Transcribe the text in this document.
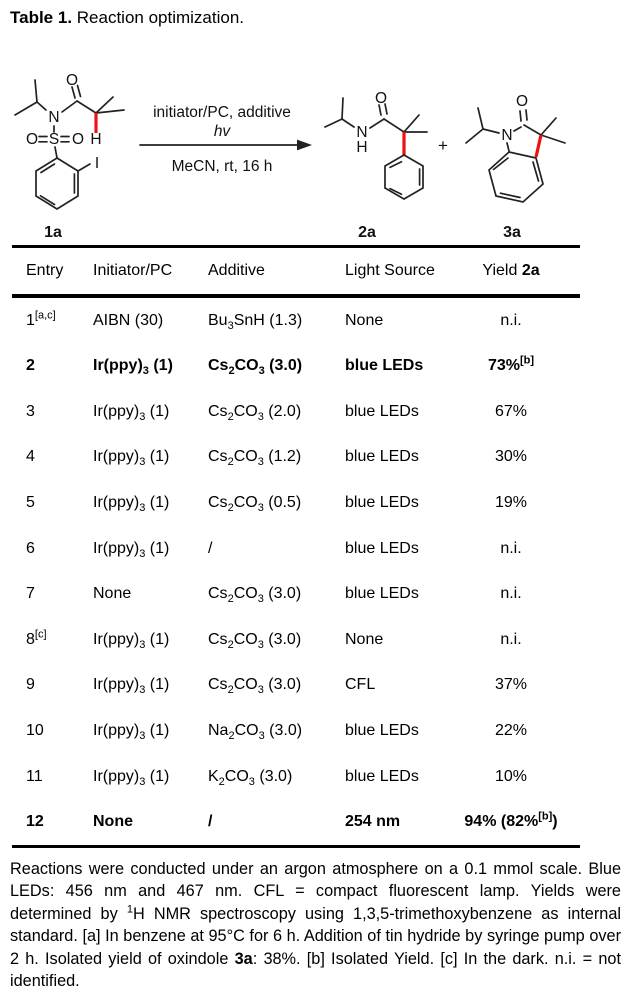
Table 1. Reaction optimization.
N
O
O S O H
I
1a
initiator/PC, additive
hv
MeCN, rt, 16 h
N
H
O
2a
+
N
O
3a
Entry	Initiator/PC	Additive	Light Source	Yield 2a
1[a,c]	AIBN (30)	$Bu_3SnH$ (1.3)	None	n.i.
2	$Ir(ppy)_3$ (1)	$Cs_2CO_3$ (3.0)	blue LEDs	73%[b]
3	$Ir(ppy)_3$ (1)	$Cs_2CO_3$ (2.0)	blue LEDs	67%
4	$Ir(ppy)_3$ (1)	$Cs_2CO_3$ (1.2)	blue LEDs	30%
5	$Ir(ppy)_3$ (1)	$Cs_2CO_3$ (0.5)	blue LEDs	19%
6	$Ir(ppy)_3$ (1)	/	blue LEDs	n.i.
7	None	$Cs_2CO_3$ (3.0)	blue LEDs	n.i.
8[c]	$Ir(ppy)_3$ (1)	$Cs_2CO_3$ (3.0)	None	n.i.
9	$Ir(ppy)_3$ (1)	$Cs_2CO_3$ (3.0)	CFL	37%
10	$Ir(ppy)_3$ (1)	$Na_2CO_3$ (3.0)	blue LEDs	22%
11	$Ir(ppy)_3$ (1)	$K_2CO_3$ (3.0)	blue LEDs	10%
12	None	/	254 nm	94% (82%[b])
Reactions were conducted under an argon atmosphere on a 0.1 mmol scale. Blue LEDs: 456 nm and 467 nm. CFL = compact fluorescent lamp. Yields were determined by $^1$H NMR spectroscopy using 1,3,5-trimethoxybenzene as internal standard. [a] In benzene at 95°C for 6 h. Addition of tin hydride by syringe pump over 2 h. Isolated yield of oxindole 3a: 38%. [b] Isolated Yield. [c] In the dark. n.i. = not identified.
